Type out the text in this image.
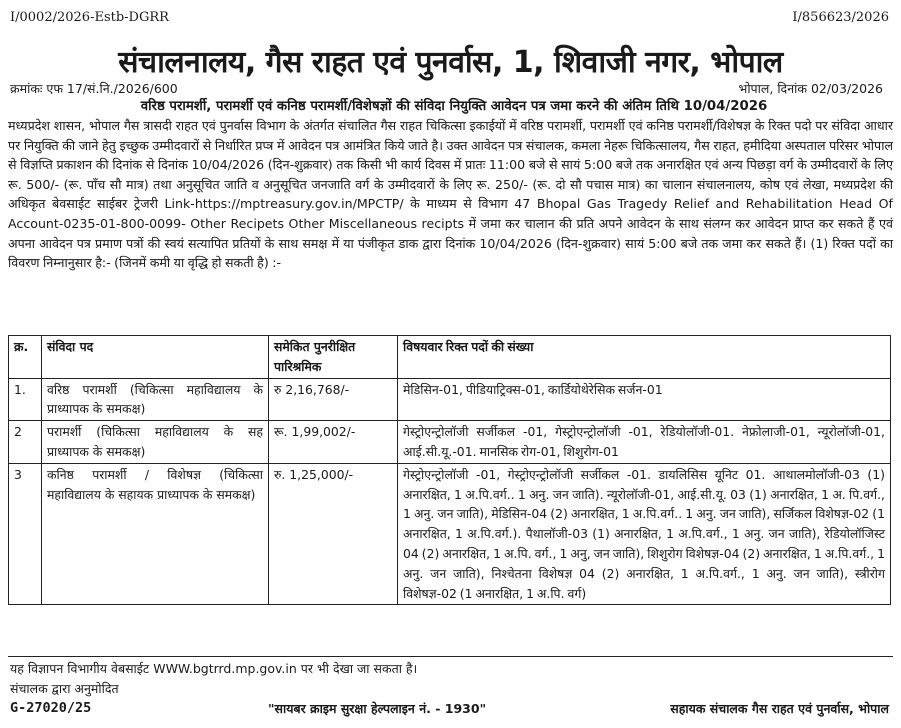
I/0002/2026-Estb-DGRR	I/856623/2026
संचालनालय, गैस राहत एवं पुनर्वास, 1, शिवाजी नगर, भोपाल
क्रमांकः एफ 17/सं.नि./2026/600	भोपाल, दिनांक 02/03/2026
वरिष्ठ परामर्शी, परामर्शी एवं कनिष्ठ परामर्शी/विशेषज्ञों की संविदा नियुक्ति आवेदन पत्र जमा करने की अंतिम तिथि 10/04/2026

मध्यप्रदेश शासन, भोपाल गैस त्रासदी राहत एवं पुनर्वास विभाग के अंतर्गत संचालित गैस राहत चिकित्सा इकाईयों में वरिष्ठ परामर्शी, परामर्शी एवं कनिष्ठ परामर्शी/विशेषज्ञ के रिक्त पदो पर संविदा आधार पर नियुक्ति की जाने हेतु इच्छुक उम्मीदवारों से निर्धारित प्रप्त्र में आवेदन पत्र आमंत्रित किये जाते है। उक्त आवेदन पत्र संचालक, कमला नेहरू चिकित्सालय, गैस राहत, हमीदिया अस्पताल परिसर भोपाल से विज्ञप्ति प्रकाशन की दिनांक से दिनांक 10/04/2026 (दिन-शुक्रवार) तक किसी भी कार्य दिवस में प्रातः 11:00 बजे से सायं 5:00 बजे तक अनारक्षित एवं अन्य पिछड़ा वर्ग के उम्मीदवारों के लिए रू. 500/- (रू. पाँच सौ मात्र) तथा अनुसूचित जाति व अनुसूचित जनजाति वर्ग के उम्मीदवारों के लिए रू. 250/- (रू. दो सौ पचास मात्र) का चालान संचालनालय, कोष एवं लेखा, मध्यप्रदेश की अधिकृत बेवसाईट साईबर ट्रेजरी Link-https://mptreasury.gov.in/MPCTP/ के माध्यम से विभाग 47 Bhopal Gas Tragedy Relief and Rehabilitation Head Of Account-0235-01-800-0099- Other Recipets Other Miscellaneous recipts में जमा कर चालान की प्रति अपने आवेदन के साथ संलग्न कर आवेदन प्राप्त कर सकते हैं एवं अपना आवेदन पत्र प्रमाण पत्रों की स्वयं सत्यापित प्रतियों के साथ समक्ष में या पंजीकृत डाक द्वारा दिनांक 10/04/2026 (दिन-शुक्रवार) सायं 5:00 बजे तक जमा कर सकते हैं। (1) रिक्त पदों का विवरण निम्नानुसार है:- (जिनमें कमी या वृद्धि हो सकती है) :-

क्र.	संविदा पद	समेकित पुनरीक्षित पारिश्रमिक	विषयवार रिक्त पदों की संख्या
1.	वरिष्ठ परामर्शी (चिकित्सा महाविद्यालय के प्राध्यापक के समकक्ष)	रु 2,16,768/-	मेडिसिन-01, पीडियाट्रिक्स-01, कार्डियोथेरेसिक सर्जन-01
2	परामर्शी (चिकित्सा महाविद्यालय के सह प्राध्यापक के समकक्ष)	रू. 1,99,002/-	गेस्ट्रोएन्ट्रोलॉजी सर्जीकल -01, गेस्ट्रोएन्ट्रोलॉजी -01, रेडियोलॉजी-01. नेफ्रोलाजी-01, न्यूरोलॉजी-01, आई.सी.यू.-01. मानसिक रोग-01, शिशुरोग-01
3	कनिष्ठ परामर्शी / विशेषज्ञ (चिकित्सा महाविद्यालय के सहायक प्राध्यापक के समकक्ष)	रु. 1,25,000/-	गेस्ट्रोएन्ट्रोलॉजी -01, गेस्ट्रोएन्ट्रोलॉजी सर्जीकल -01. डायलिसिस यूनिट 01. आथालमोलॉजी-03 (1) अनारक्षित, 1 अ.पि.वर्ग.. 1 अनु. जन जाति). न्यूरोलॉजी-01, आई.सी.यू. 03 (1) अनारक्षित, 1 अ. पि.वर्ग., 1 अनु. जन जाति), मेडिसिन-04 (2) अनारक्षित, 1 अ.पि.वर्ग.. 1 अनु. जन जाति), सर्जिकल विशेषज्ञ-02 (1 अनारक्षित, 1 अ.पि.वर्ग.). पैथालॉजी-03 (1) अनारक्षित, 1 अ.पि.वर्ग., 1 अनु. जन जाति), रेडियोलॉजिस्ट 04 (2) अनारक्षित, 1 अ.पि. वर्ग., 1 अनु, जन जाति), शिशुरोग विशेषज्ञ-04 (2) अनारक्षित, 1 अ.पि.वर्ग., 1 अनु. जन जाति), निश्चेतना विशेषज्ञ 04 (2) अनारक्षित, 1 अ.पि.वर्ग., 1 अनु. जन जाति), स्त्रीरोग विशेषज्ञ-02 (1 अनारक्षित, 1 अ.पि. वर्ग)
यह विज्ञापन विभागीय वेबसाईट WWW.bgtrrd.mp.gov.in पर भी देखा जा सकता है।
संचालक द्वारा अनुमोदित
G-27020/25	"सायबर क्राइम सुरक्षा हेल्पलाइन नं. - 1930"	सहायक संचालक गैस राहत एवं पुनर्वास, भोपाल
